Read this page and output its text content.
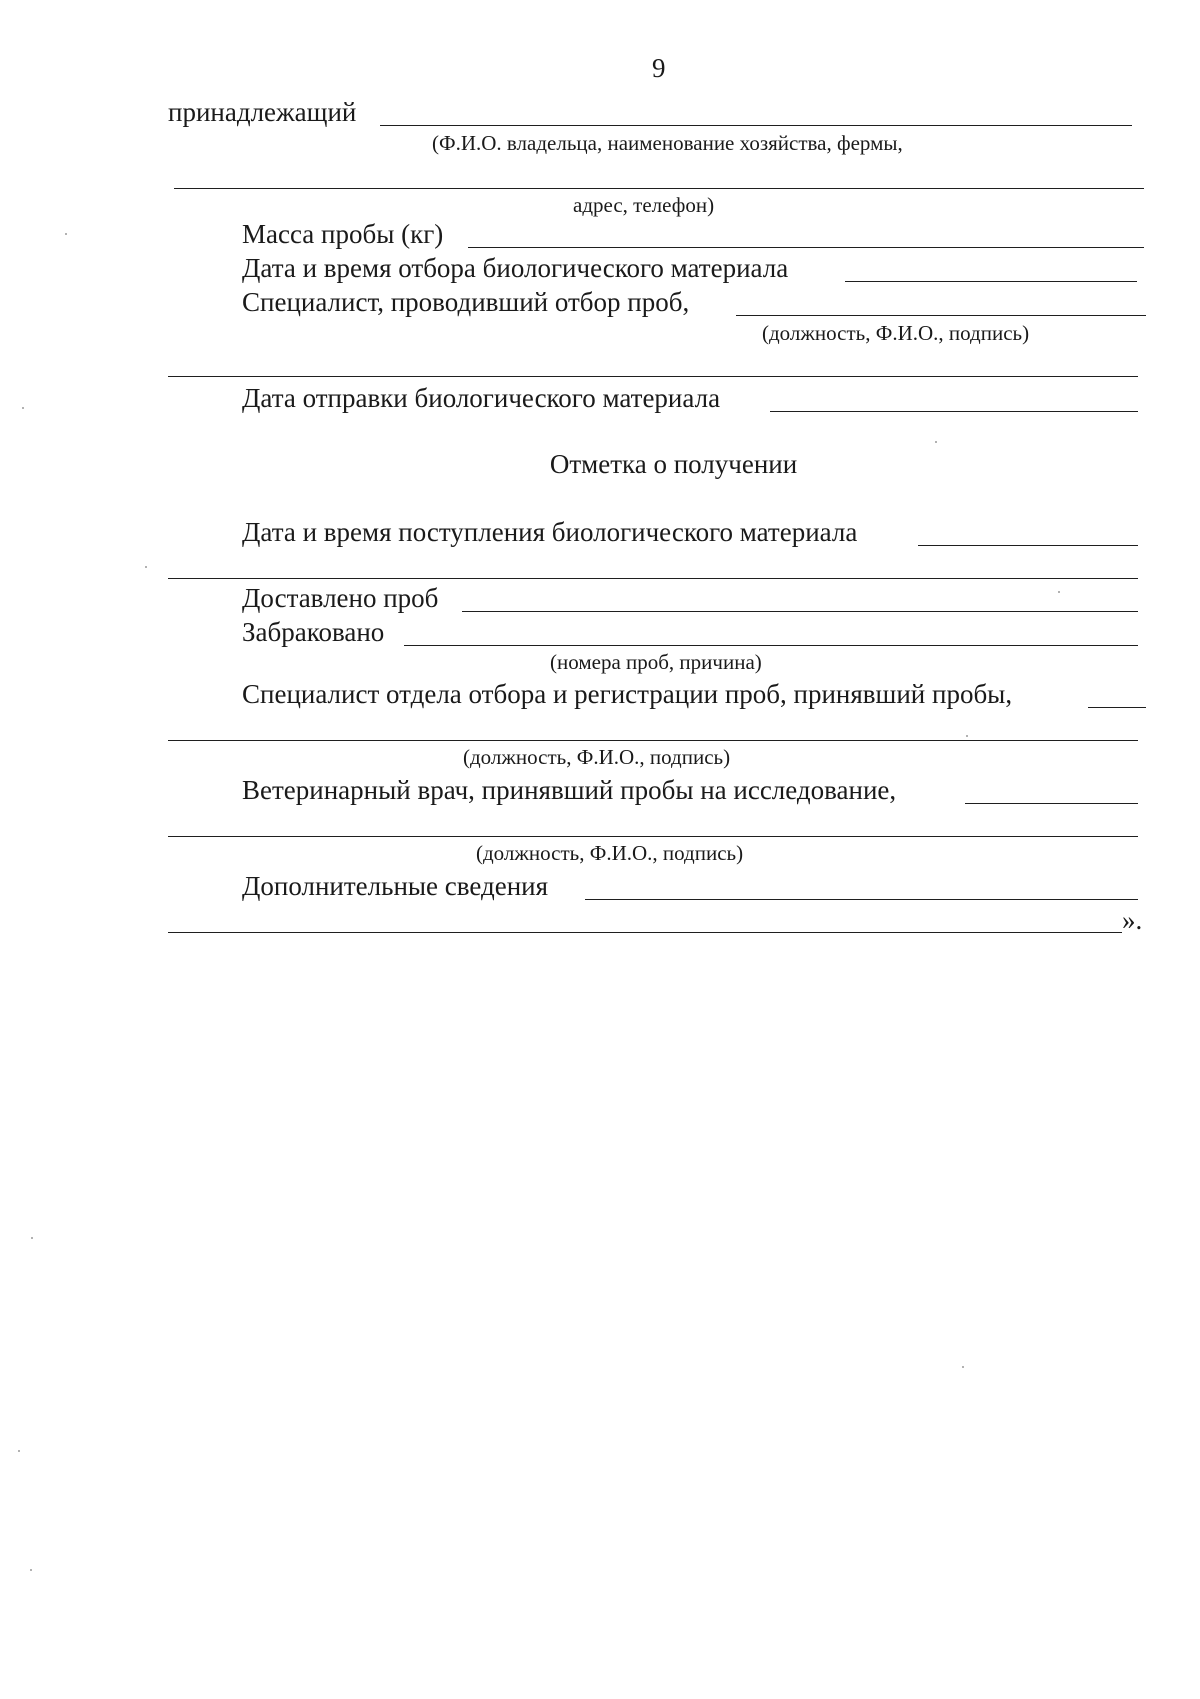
9
принадлежащий
(Ф.И.О. владельца, наименование хозяйства, фермы,
адрес, телефон)
Масса пробы (кг)
Дата и время отбора биологического материала
Специалист, проводивший отбор проб,
(должность, Ф.И.О., подпись)
Дата отправки биологического материала
Отметка о получении
Дата и время поступления биологического материала
Доставлено проб
Забраковано
(номера проб, причина)
Специалист отдела отбора и регистрации проб, принявший пробы,
(должность, Ф.И.О., подпись)
Ветеринарный врач, принявший пробы на исследование,
(должность, Ф.И.О., подпись)
Дополнительные сведения
».
